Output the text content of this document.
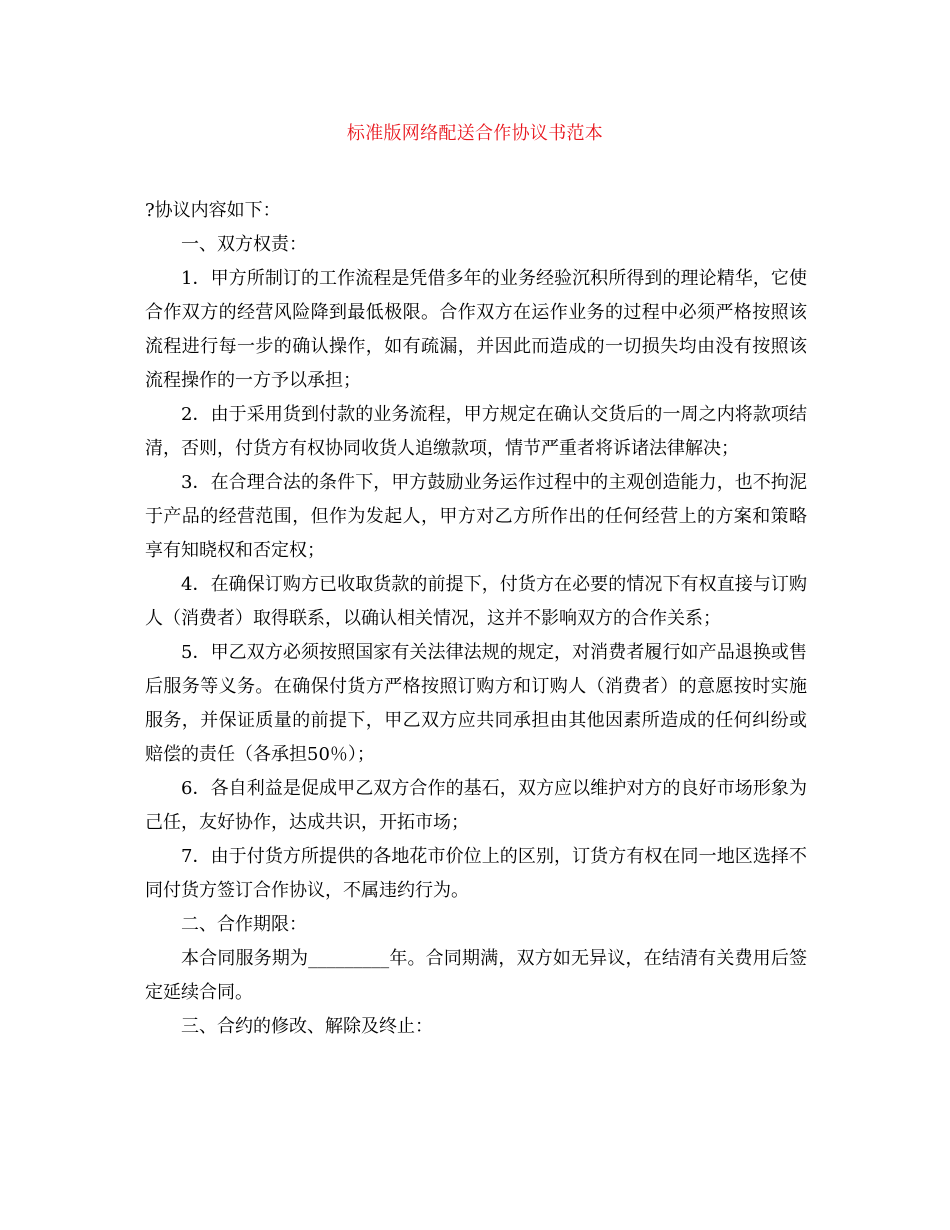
标准版网络配送合作协议书范本

?协议内容如下：

一、双方权责：

1．甲方所制订的工作流程是凭借多年的业务经验沉积所得到的理论精华，它使合作双方的经营风险降到最低极限。合作双方在运作业务的过程中必须严格按照该流程进行每一步的确认操作，如有疏漏，并因此而造成的一切损失均由没有按照该流程操作的一方予以承担；

2．由于采用货到付款的业务流程，甲方规定在确认交货后的一周之内将款项结清，否则，付货方有权协同收货人追缴款项，情节严重者将诉诸法律解决；

3．在合理合法的条件下，甲方鼓励业务运作过程中的主观创造能力，也不拘泥于产品的经营范围，但作为发起人，甲方对乙方所作出的任何经营上的方案和策略享有知晓权和否定权；

4．在确保订购方已收取货款的前提下，付货方在必要的情况下有权直接与订购人（消费者）取得联系，以确认相关情况，这并不影响双方的合作关系；

5．甲乙双方必须按照国家有关法律法规的规定，对消费者履行如产品退换或售后服务等义务。在确保付货方严格按照订购方和订购人（消费者）的意愿按时实施服务，并保证质量的前提下，甲乙双方应共同承担由其他因素所造成的任何纠纷或赔偿的责任（各承担50％）；

6．各自利益是促成甲乙双方合作的基石，双方应以维护对方的良好市场形象为己任，友好协作，达成共识，开拓市场；

7．由于付货方所提供的各地花市价位上的区别，订货方有权在同一地区选择不同付货方签订合作协议，不属违约行为。

二、合作期限：

本合同服务期为_________年。合同期满，双方如无异议，在结清有关费用后签定延续合同。

三、合约的修改、解除及终止：
